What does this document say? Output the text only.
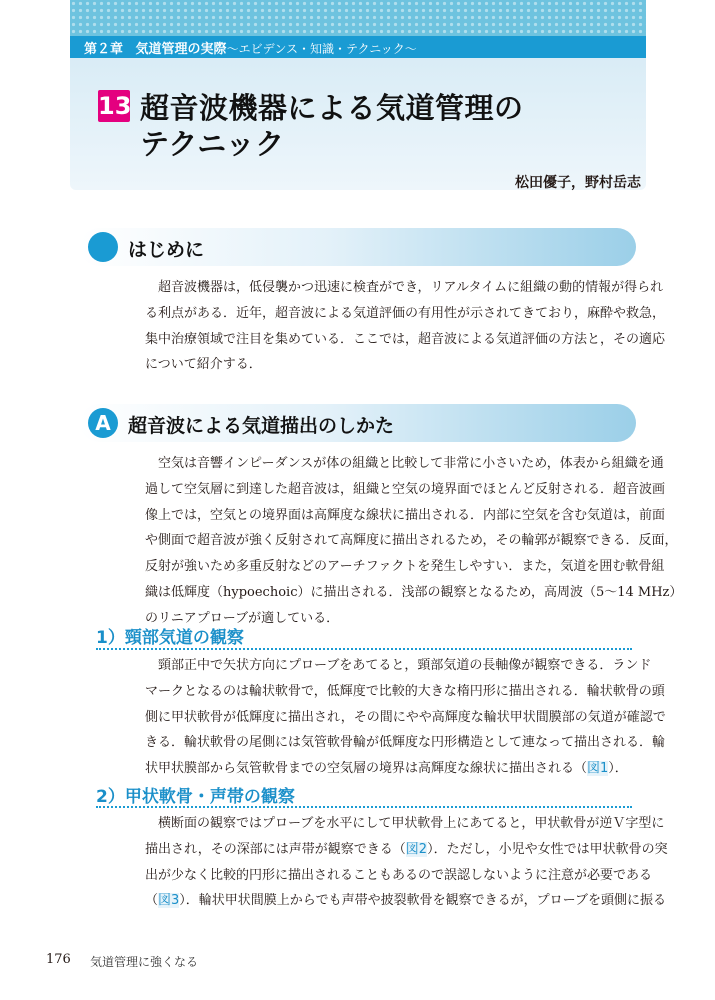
第２章 気道管理の実際〜エビデンス・知識・テクニック〜
13 超音波機器による気道管理の
テクニック
松田優子，野村岳志
はじめに
超音波機器は，低侵襲かつ迅速に検査ができ，リアルタイムに組織の動的情報が得られ
る利点がある．近年，超音波による気道評価の有用性が示されてきており，麻酔や救急，
集中治療領域で注目を集めている．ここでは，超音波による気道評価の方法と，その適応
について紹介する．
A 超音波による気道描出のしかた
空気は音響インピーダンスが体の組織と比較して非常に小さいため，体表から組織を通
過して空気層に到達した超音波は，組織と空気の境界面でほとんど反射される．超音波画
像上では，空気との境界面は高輝度な線状に描出される．内部に空気を含む気道は，前面
や側面で超音波が強く反射されて高輝度に描出されるため，その輪郭が観察できる．反面，
反射が強いため多重反射などのアーチファクトを発生しやすい．また，気道を囲む軟骨組
織は低輝度（hypoechoic）に描出される．浅部の観察となるため，高周波（5〜14 MHz）
のリニアプローブが適している．
1）頸部気道の観察
頸部正中で矢状方向にプローブをあてると，頸部気道の長軸像が観察できる．ランド
マークとなるのは輪状軟骨で，低輝度で比較的大きな楕円形に描出される．輪状軟骨の頭
側に甲状軟骨が低輝度に描出され，その間にやや高輝度な輪状甲状間膜部の気道が確認で
きる．輪状軟骨の尾側には気管軟骨輪が低輝度な円形構造として連なって描出される．輪
状甲状膜部から気管軟骨までの空気層の境界は高輝度な線状に描出される（図1）．
2）甲状軟骨・声帯の観察
横断面の観察ではプローブを水平にして甲状軟骨上にあてると，甲状軟骨が逆Ｖ字型に
描出され，その深部には声帯が観察できる（図2）．ただし，小児や女性では甲状軟骨の突
出が少なく比較的円形に描出されることもあるので誤認しないように注意が必要である
（図3）．輪状甲状間膜上からでも声帯や披裂軟骨を観察できるが，プローブを頭側に振る
176 気道管理に強くなる
